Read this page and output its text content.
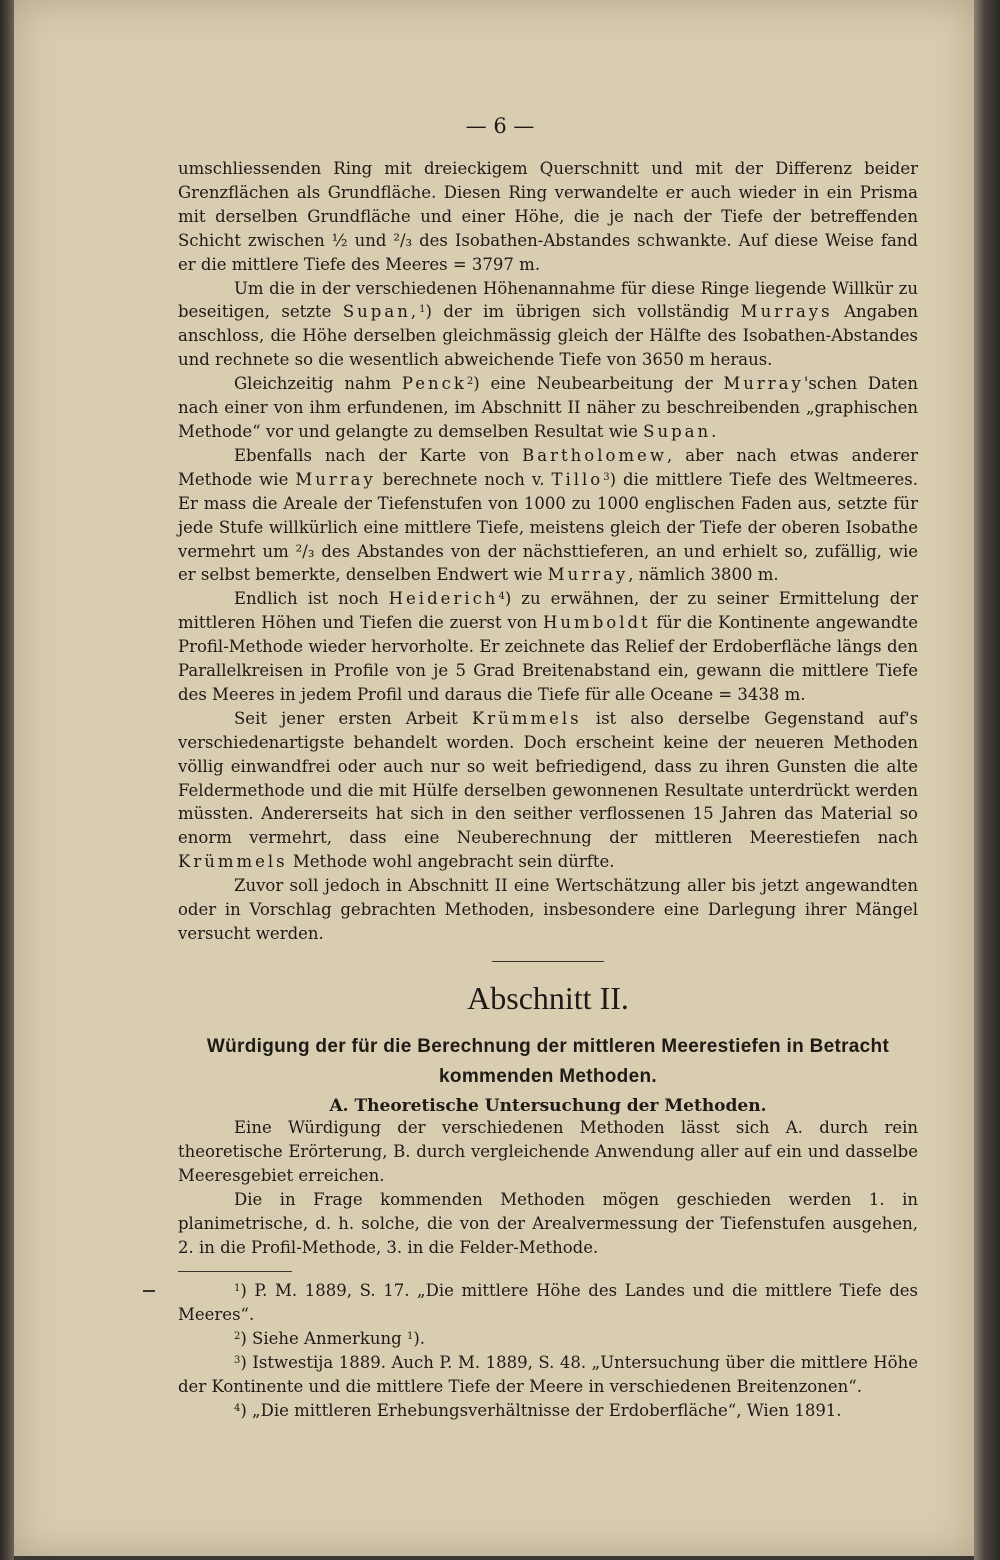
— 6 —

umschliessenden Ring mit dreieckigem Querschnitt und mit der Differenz beider Grenzflächen als Grundfläche. Diesen Ring verwandelte er auch wieder in ein Prisma mit derselben Grundfläche und einer Höhe, die je nach der Tiefe der betreffenden Schicht zwischen ½ und ²/₃ des Isobathen-Abstandes schwankte. Auf diese Weise fand er die mittlere Tiefe des Meeres = 3797 m.

Um die in der verschiedenen Höhenannahme für diese Ringe liegende Willkür zu beseitigen, setzte Supan,$^1$) der im übrigen sich vollständig Murrays Angaben anschloss, die Höhe derselben gleichmässig gleich der Hälfte des Isobathen-Abstandes und rechnete so die wesentlich abweichende Tiefe von 3650 m heraus.

Gleichzeitig nahm Penck$^2$) eine Neubearbeitung der Murray'schen Daten nach einer von ihm erfundenen, im Abschnitt II näher zu beschreibenden „graphischen Methode“ vor und gelangte zu demselben Resultat wie Supan.

Ebenfalls nach der Karte von Bartholomew, aber nach etwas anderer Methode wie Murray berechnete noch v. Tillo$^3$) die mittlere Tiefe des Weltmeeres. Er mass die Areale der Tiefenstufen von 1000 zu 1000 englischen Faden aus, setzte für jede Stufe willkürlich eine mittlere Tiefe, meistens gleich der Tiefe der oberen Isobathe vermehrt um ²/₃ des Abstandes von der nächsttieferen, an und erhielt so, zufällig, wie er selbst bemerkte, denselben Endwert wie Murray, nämlich 3800 m.

Endlich ist noch Heiderich$^4$) zu erwähnen, der zu seiner Ermittelung der mittleren Höhen und Tiefen die zuerst von Humboldt für die Kontinente angewandte Profil-Methode wieder hervorholte. Er zeichnete das Relief der Erdoberfläche längs den Parallelkreisen in Profile von je 5 Grad Breitenabstand ein, gewann die mittlere Tiefe des Meeres in jedem Profil und daraus die Tiefe für alle Oceane = 3438 m.

Seit jener ersten Arbeit Krümmels ist also derselbe Gegenstand auf's verschiedenartigste behandelt worden. Doch erscheint keine der neueren Methoden völlig einwandfrei oder auch nur so weit befriedigend, dass zu ihren Gunsten die alte Feldermethode und die mit Hülfe derselben gewonnenen Resultate unterdrückt werden müssten. Andererseits hat sich in den seither verflossenen 15 Jahren das Material so enorm vermehrt, dass eine Neuberechnung der mittleren Meerestiefen nach Krümmels Methode wohl angebracht sein dürfte.

Zuvor soll jedoch in Abschnitt II eine Wertschätzung aller bis jetzt angewandten oder in Vorschlag gebrachten Methoden, insbesondere eine Darlegung ihrer Mängel versucht werden.

Abschnitt II.
Würdigung der für die Berechnung der mittleren Meerestiefen in Betracht kommenden Methoden.
A. Theoretische Untersuchung der Methoden.

Eine Würdigung der verschiedenen Methoden lässt sich A. durch rein theoretische Erörterung, B. durch vergleichende Anwendung aller auf ein und dasselbe Meeresgebiet erreichen.

Die in Frage kommenden Methoden mögen geschieden werden 1. in planimetrische, d. h. solche, die von der Arealvermessung der Tiefenstufen ausgehen, 2. in die Profil-Methode, 3. in die Felder-Methode.

$^1$) P. M. 1889, S. 17. „Die mittlere Höhe des Landes und die mittlere Tiefe des Meeres“.

$^2$) Siehe Anmerkung $^1$).

$^3$) Istwestija 1889. Auch P. M. 1889, S. 48. „Untersuchung über die mittlere Höhe der Kontinente und die mittlere Tiefe der Meere in verschiedenen Breitenzonen“.

$^4$) „Die mittleren Erhebungsverhältnisse der Erdoberfläche“, Wien 1891.
